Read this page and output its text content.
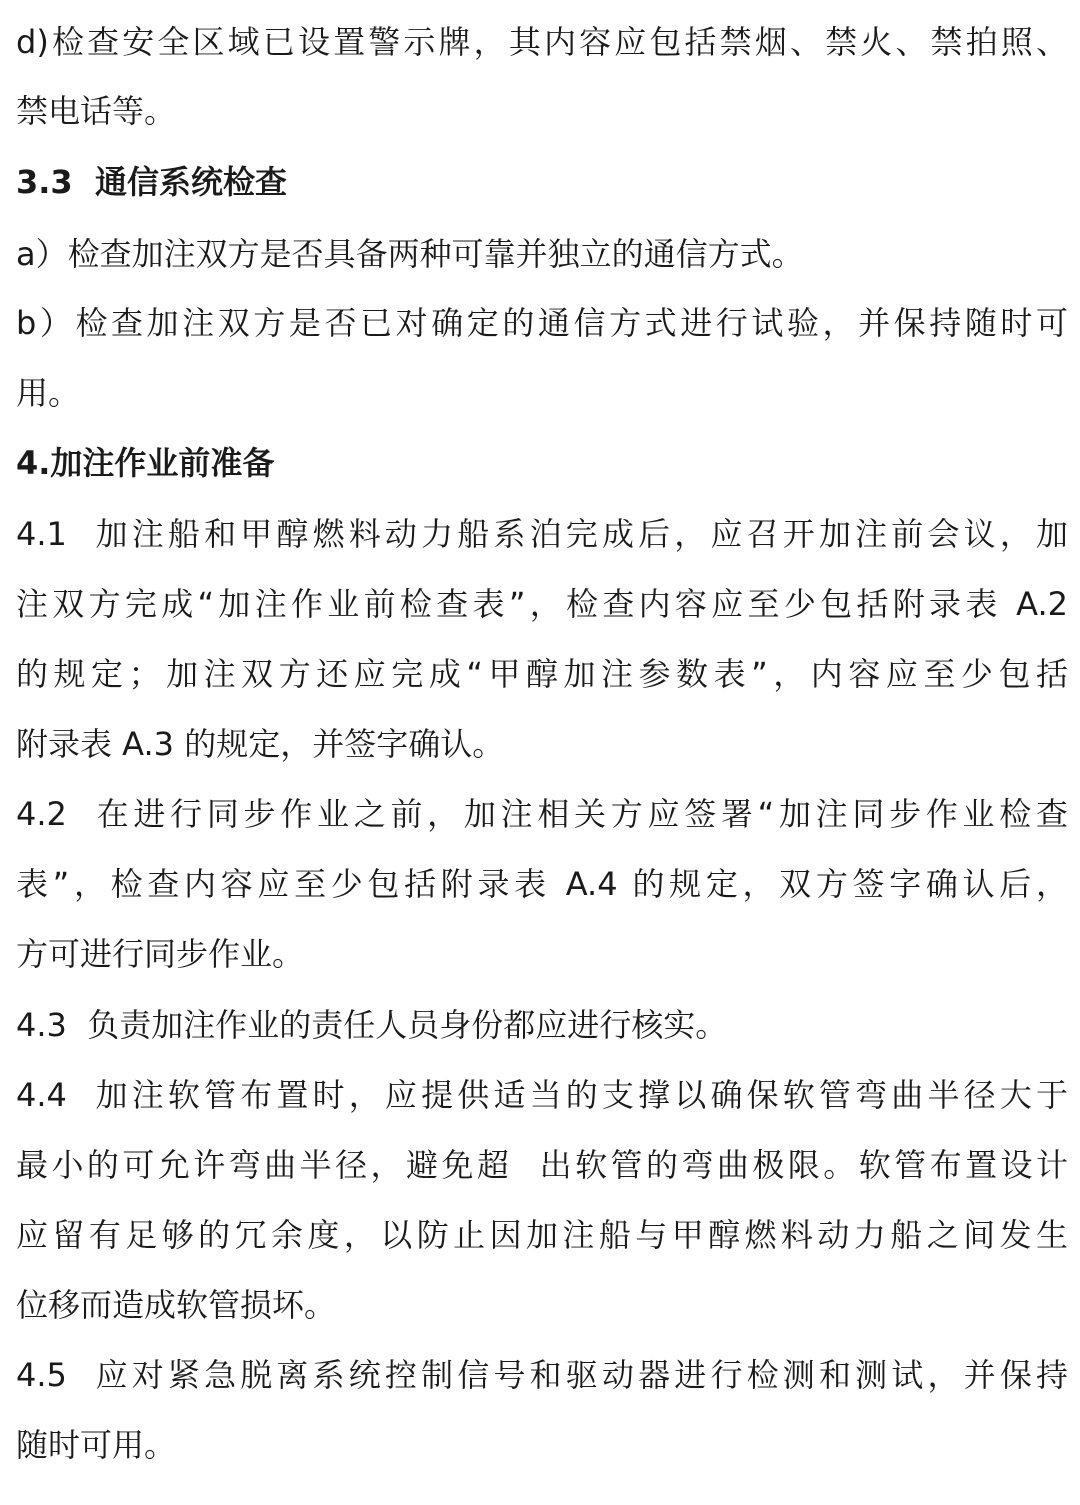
d)检查安全区域已设置警示牌，其内容应包括禁烟、禁火、禁拍照、
禁电话等。
3.3  通信系统检查
a）检查加注双方是否具备两种可靠并独立的通信方式。
b）检查加注双方是否已对确定的通信方式进行试验，并保持随时可
用。
4.加注作业前准备
4.1  加注船和甲醇燃料动力船系泊完成后，应召开加注前会议，加
注双方完成“加注作业前检查表”，检查内容应至少包括附录表 A.2
的规定；加注双方还应完成“甲醇加注参数表”，内容应至少包括
附录表 A.3 的规定，并签字确认。
4.2  在进行同步作业之前，加注相关方应签署“加注同步作业检查
表”，检查内容应至少包括附录表 A.4 的规定，双方签字确认后，
方可进行同步作业。
4.3  负责加注作业的责任人员身份都应进行核实。
4.4  加注软管布置时，应提供适当的支撑以确保软管弯曲半径大于
最小的可允许弯曲半径，避免超  出软管的弯曲极限。软管布置设计
应留有足够的冗余度，以防止因加注船与甲醇燃料动力船之间发生
位移而造成软管损坏。
4.5  应对紧急脱离系统控制信号和驱动器进行检测和测试，并保持
随时可用。
